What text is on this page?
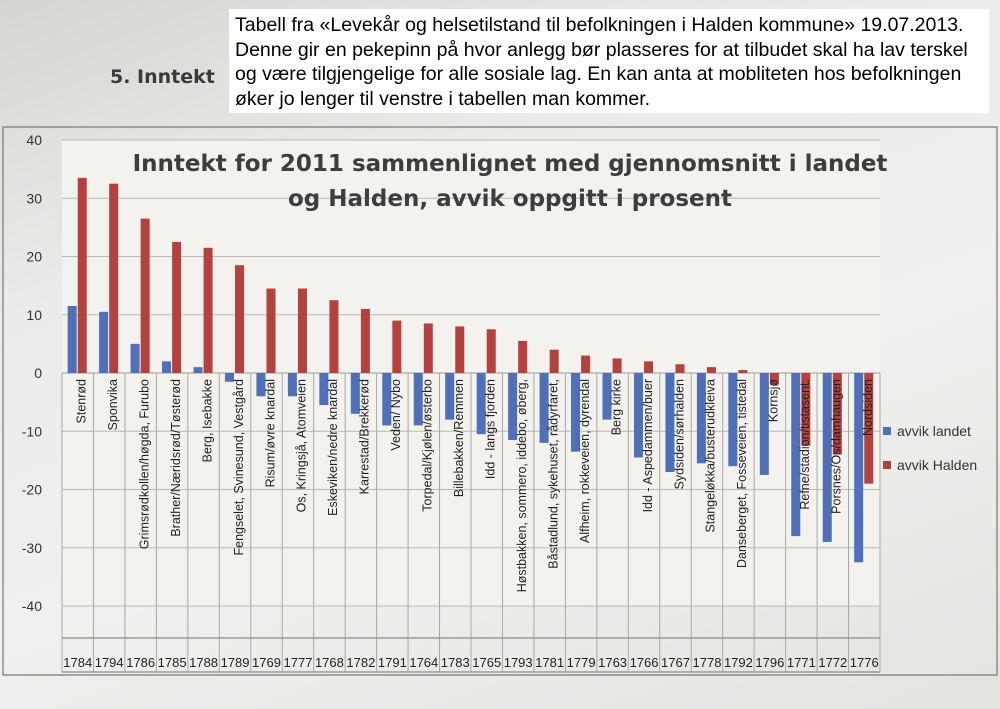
5. Inntekt
Tabell fra «Levekår og helsetilstand til befolkningen i Halden kommune» 19.07.2013. Denne gir en pekepinn på hvor anlegg bør plasseres for at tilbudet skal ha lav terskel og være tilgjengelige for alle sosiale lag. En kan anta at mobliteten hos befolkningen øker jo lenger til venstre i tabellen man kommer.
40
30
20
10
0
-10
-20
-30
-40
Stenrød Sponvika Grimsrødkollen/høgda, Furubo Brather/Næridsrød/Tøsterød Berg, Isebakke Fengselet, Svinesund, Vestgård Risum/øvre knardal Os, Kringsjå, Atomveien Eskeviken/nedre knardal Karrestad/Brekkerød Veden/ Nybo Torpedal/Kjølen/østerbo Billebakken/Remmen Idd - langs fjorden Høstbakken, sommero, iddebo, øberg, Båstadlund, sykehuset, rådyrfaret, Alfheim, rokkeveien, dyrendal Berg kirke Idd - Aspedammen/buer Sydsiden/sørhalden Stangeløkka/busterudkleiva Danseberget, Fosseveien, tistedal Kornsjø Refne/stadion/tistasent. Porsnes/Os/damhaugen Nordsiden
1784 1794 1786 1785 1788 1789 1769 1777 1768 1782 1791 1764 1783 1765 1793 1781 1779 1763 1766 1767 1778 1792 1796 1771 1772 1776
Inntekt for 2011 sammenlignet med gjennomsnitt i landet
og Halden, avvik oppgitt i prosent
avvik landet
avvik Halden
